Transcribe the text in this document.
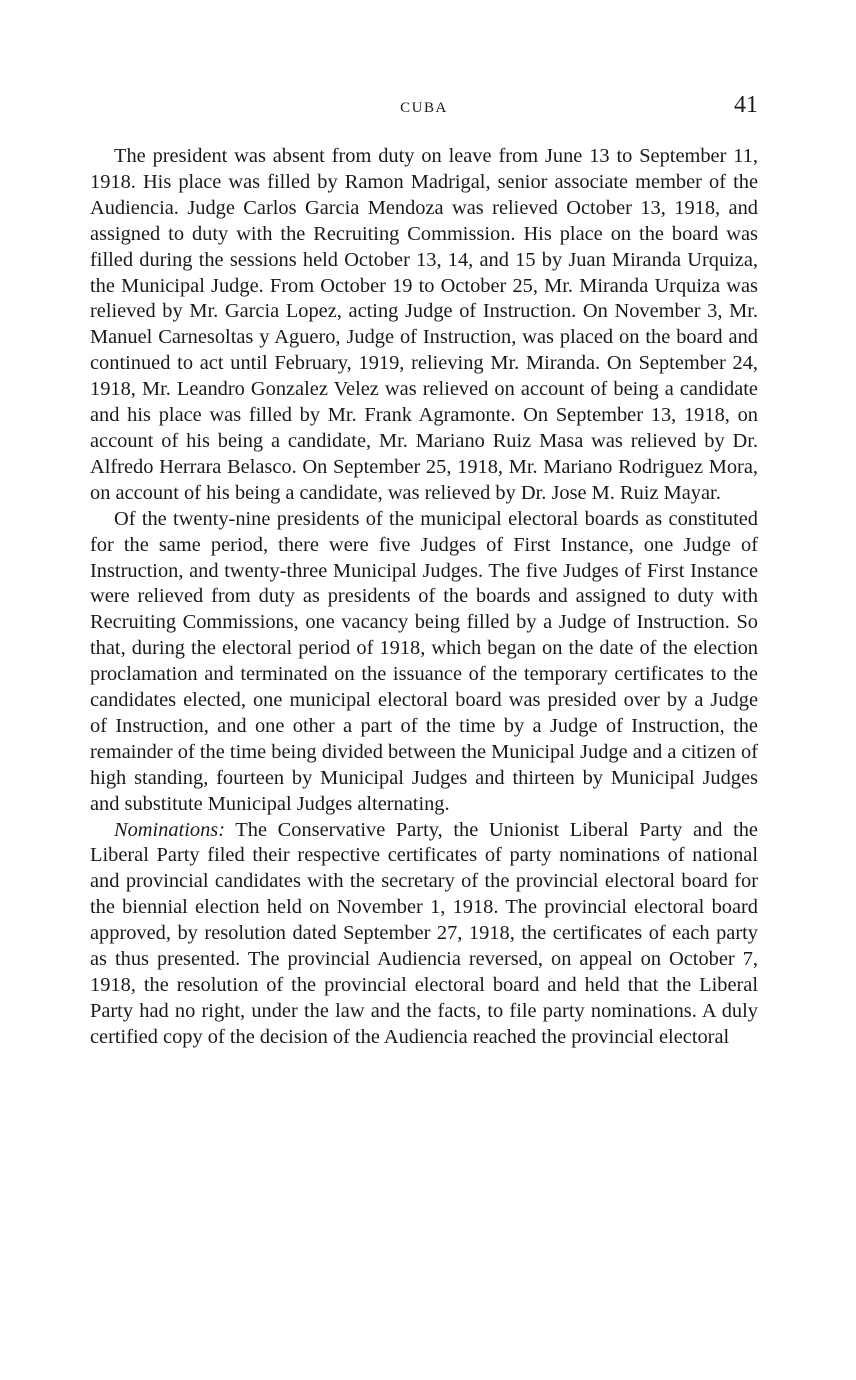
CUBA	41

The president was absent from duty on leave from June 13 to September 11, 1918. His place was filled by Ramon Madrigal, senior associate member of the Audiencia. Judge Carlos Garcia Mendoza was relieved October 13, 1918, and assigned to duty with the Recruiting Commission. His place on the board was filled during the sessions held October 13, 14, and 15 by Juan Miranda Urquiza, the Municipal Judge. From October 19 to October 25, Mr. Miranda Urquiza was relieved by Mr. Garcia Lopez, acting Judge of Instruction. On November 3, Mr. Manuel Carnesoltas y Aguero, Judge of Instruction, was placed on the board and continued to act until February, 1919, relieving Mr. Miranda. On September 24, 1918, Mr. Leandro Gonzalez Velez was relieved on account of being a candidate and his place was filled by Mr. Frank Agramonte. On September 13, 1918, on account of his being a candidate, Mr. Mariano Ruiz Masa was relieved by Dr. Alfredo Herrara Belasco. On September 25, 1918, Mr. Mariano Rodriguez Mora, on account of his being a candidate, was relieved by Dr. Jose M. Ruiz Mayar.

Of the twenty-nine presidents of the municipal electoral boards as constituted for the same period, there were five Judges of First Instance, one Judge of Instruction, and twenty-three Municipal Judges. The five Judges of First Instance were relieved from duty as presidents of the boards and assigned to duty with Recruiting Commissions, one vacancy being filled by a Judge of Instruction. So that, during the electoral period of 1918, which began on the date of the election proclamation and terminated on the issuance of the temporary certificates to the candidates elected, one municipal electoral board was presided over by a Judge of Instruction, and one other a part of the time by a Judge of Instruction, the remainder of the time being divided between the Municipal Judge and a citizen of high standing, fourteen by Municipal Judges and thirteen by Municipal Judges and substitute Municipal Judges alternating.

Nominations: The Conservative Party, the Unionist Liberal Party and the Liberal Party filed their respective certificates of party nominations of national and provincial candidates with the secretary of the provincial electoral board for the biennial election held on November 1, 1918. The provincial electoral board approved, by resolution dated September 27, 1918, the certificates of each party as thus presented. The provincial Audiencia reversed, on appeal on October 7, 1918, the resolution of the provincial electoral board and held that the Liberal Party had no right, under the law and the facts, to file party nominations. A duly certified copy of the decision of the Audiencia reached the provincial electoral
